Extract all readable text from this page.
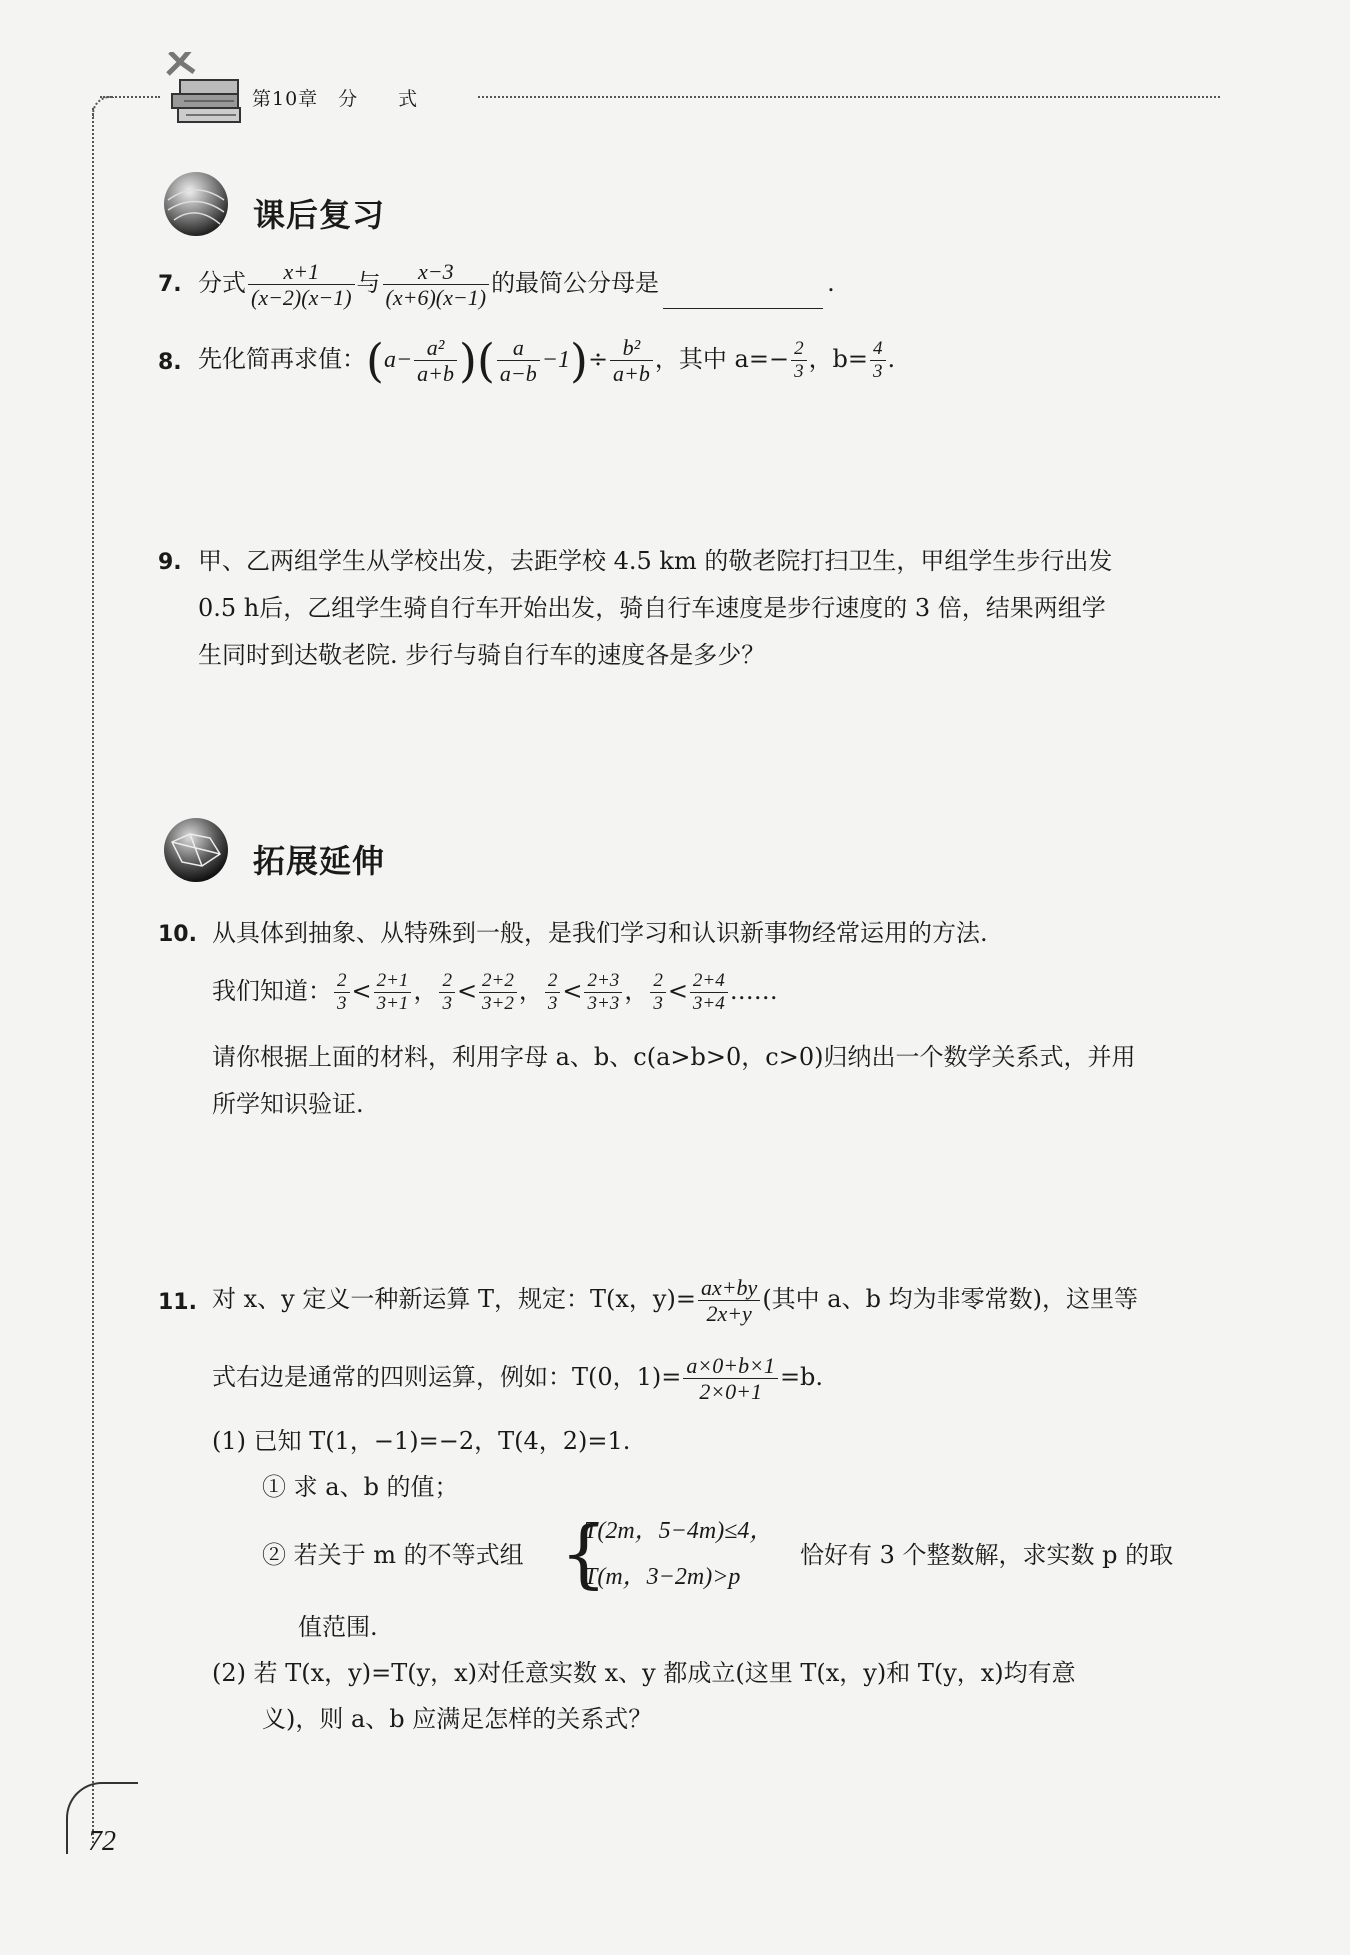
第10章　分　　式
课后复习
7. 分式 $\frac{x+1}{(x-2)(x-1)}$ 与 $\frac{x-3}{(x+6)(x-1)}$ 的最简公分母是	.
8. 先化简再求值：($a- \frac{\text{a²}}{a+b}$ )( $\frac{a}{a-b} -1)\div \frac{\text{b²}}{a+b}$ ，其中 $a=- \frac{2}{3}$ ，$b= \frac{4}{3}$ .
9. 甲、乙两组学生从学校出发，去距学校 4.5 km 的敬老院打扫卫生，甲组学生步行出发
0.5 h后，乙组学生骑自行车开始出发，骑自行车速度是步行速度的 3 倍，结果两组学
生同时到达敬老院. 步行与骑自行车的速度各是多少？
拓展延伸
10. 从具体到抽象、从特殊到一般，是我们学习和认识新事物经常运用的方法.
我们知道： $\frac{2}{3} < \frac{2+1}{3+1}$ ， $\frac{2}{3} < \frac{2+2}{3+2}$ ， $\frac{2}{3} < \frac{2+3}{3+3}$ ， $\frac{2}{3} < \frac{2+4}{3+4}$ ……
请你根据上面的材料，利用字母 a、b、c(a>b>0，c>0)归纳出一个数学关系式，并用
所学知识验证.
11. 对 x、y 定义一种新运算 T，规定：T(x，$y)= \frac{ax+by}{2x+y}$ (其中 a、b 均为非零常数)，这里等
式右边是通常的四则运算，例如：T(0，$1)= \frac{a\times 0+b\times 1}{2\times 0+1} =b$.
(1) 已知 T(1，−1)=−2，T(4，2)=1.
① 求 a、b 的值；
② 若关于 m 的不等式组 {
T(2m，5−4m)≤4，
T(m，3−2m)>p
恰好有 3 个整数解，求实数 p 的取
值范围.
(2) 若 T(x，y)=T(y，x)对任意实数 x、y 都成立(这里 T(x，y)和 T(y，x)均有意
义)，则 a、b 应满足怎样的关系式？
72
